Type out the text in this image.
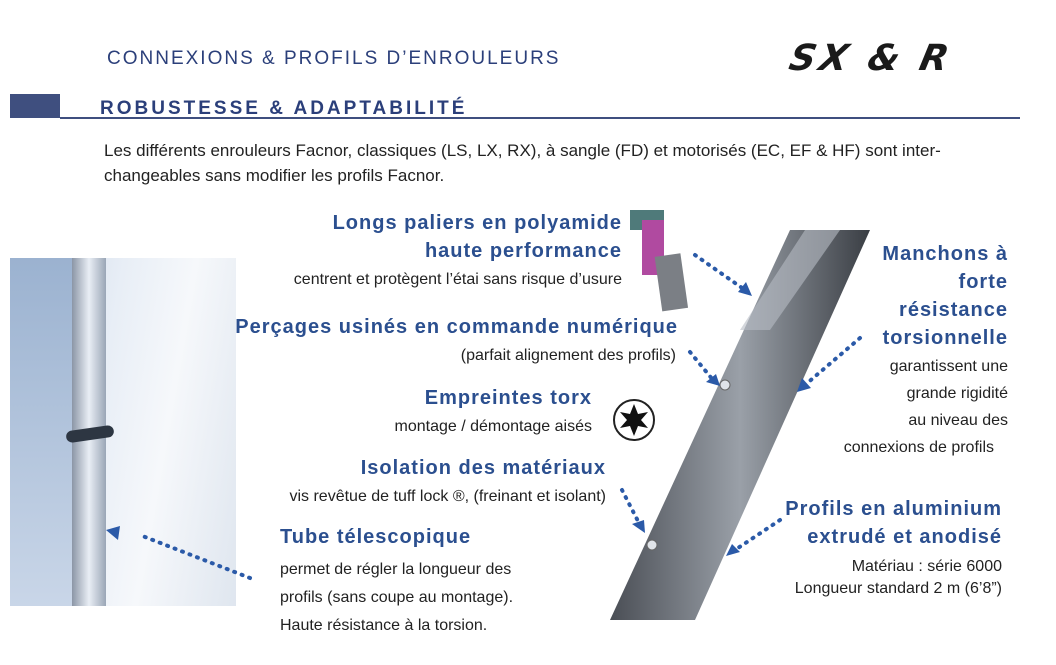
CONNEXIONS & PROFILS D’ENROULEURS	SX & R
ROBUSTESSE & ADAPTABILITÉ
Les différents enrouleurs Facnor, classiques (LS, LX, RX), à sangle (FD) et motorisés (EC, EF & HF) sont inter-
changeables sans modifier les profils Facnor.
Longs paliers en polyamide
haute performance
centrent et protègent l’étai sans risque d’usure
Perçages usinés en commande numérique
(parfait alignement des profils)
Empreintes torx
montage / démontage aisés
Isolation des matériaux
vis revêtue de tuff lock ®, (freinant et isolant)
Tube télescopique
permet de régler la longueur des
profils (sans coupe au montage).
Haute résistance à la torsion.
Manchons à
forte
résistance
torsionnelle
garantissent une
grande rigidité
au niveau des
connexions de profils
Profils en aluminium
extrudé et anodisé
Matériau : série 6000
Longueur standard 2 m (6’8”)
